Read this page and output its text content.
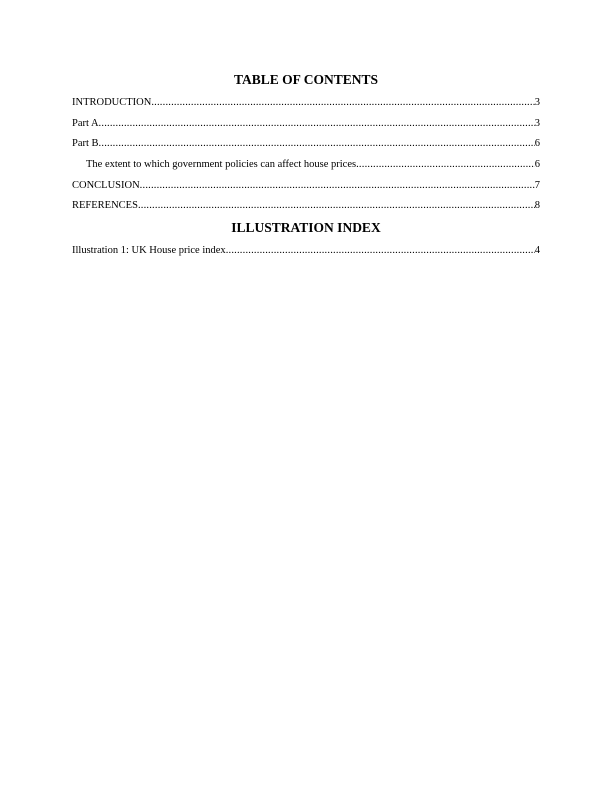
TABLE OF CONTENTS
INTRODUCTION .....	3
Part A .....	3
Part B .....	6
The extent to which government policies can affect house prices .....	6
CONCLUSION .....	7
REFERENCES .....	8
ILLUSTRATION INDEX
Illustration 1: UK House price index .....	4
